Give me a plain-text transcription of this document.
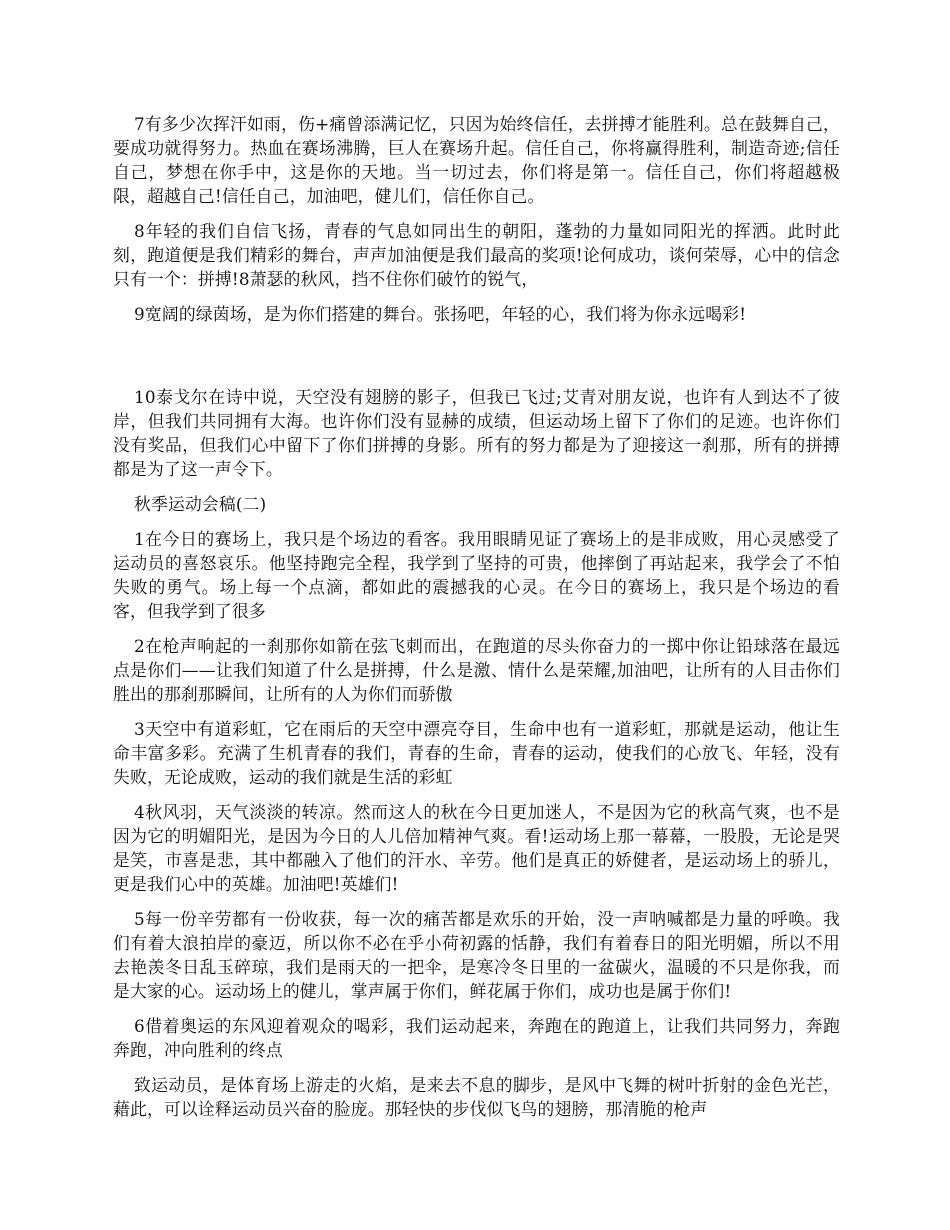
7有多少次挥汗如雨，伤+痛曾添满记忆，只因为始终信任，去拼搏才能胜利。总在鼓舞自己，要成功就得努力。热血在赛场沸腾，巨人在赛场升起。信任自己，你将赢得胜利，制造奇迹;信任自己，梦想在你手中，这是你的天地。当一切过去，你们将是第一。信任自己，你们将超越极限，超越自己!信任自己，加油吧，健儿们，信任你自己。

8年轻的我们自信飞扬，青春的气息如同出生的朝阳，蓬勃的力量如同阳光的挥洒。此时此刻，跑道便是我们精彩的舞台，声声加油便是我们最高的奖项!论何成功，谈何荣辱，心中的信念只有一个：拼搏!8萧瑟的秋风，挡不住你们破竹的锐气，

9宽阔的绿茵场，是为你们搭建的舞台。张扬吧，年轻的心，我们将为你永远喝彩!

10泰戈尔在诗中说，天空没有翅膀的影子，但我已飞过;艾青对朋友说，也许有人到达不了彼岸，但我们共同拥有大海。也许你们没有显赫的成绩，但运动场上留下了你们的足迹。也许你们没有奖品，但我们心中留下了你们拼搏的身影。所有的努力都是为了迎接这一刹那，所有的拼搏都是为了这一声令下。

秋季运动会稿(二)

1在今日的赛场上，我只是个场边的看客。我用眼睛见证了赛场上的是非成败，用心灵感受了运动员的喜怒哀乐。他坚持跑完全程，我学到了坚持的可贵，他摔倒了再站起来，我学会了不怕失败的勇气。场上每一个点滴，都如此的震撼我的心灵。在今日的赛场上，我只是个场边的看客，但我学到了很多

2在枪声响起的一刹那你如箭在弦飞刺而出，在跑道的尽头你奋力的一掷中你让铅球落在最远点是你们——让我们知道了什么是拼搏，什么是激、情什么是荣耀,加油吧，让所有的人目击你们胜出的那刹那瞬间，让所有的人为你们而骄傲

3天空中有道彩虹，它在雨后的天空中漂亮夺目，生命中也有一道彩虹，那就是运动，他让生命丰富多彩。充满了生机青春的我们，青春的生命，青春的运动，使我们的心放飞、年轻，没有失败，无论成败，运动的我们就是生活的彩虹

4秋风羽，天气淡淡的转凉。然而这人的秋在今日更加迷人，不是因为它的秋高气爽，也不是因为它的明媚阳光，是因为今日的人儿倍加精神气爽。看!运动场上那一幕幕，一股股，无论是哭是笑，市喜是悲，其中都融入了他们的汗水、辛劳。他们是真正的娇健者，是运动场上的骄儿，更是我们心中的英雄。加油吧!英雄们!

5每一份辛劳都有一份收获，每一次的痛苦都是欢乐的开始，没一声呐喊都是力量的呼唤。我们有着大浪拍岸的豪迈，所以你不必在乎小荷初露的恬静，我们有着春日的阳光明媚，所以不用去艳羡冬日乱玉碎琼，我们是雨天的一把伞，是寒冷冬日里的一盆碳火，温暖的不只是你我，而是大家的心。运动场上的健儿，掌声属于你们，鲜花属于你们，成功也是属于你们!

6借着奥运的东风迎着观众的喝彩，我们运动起来，奔跑在的跑道上，让我们共同努力，奔跑奔跑，冲向胜利的终点

致运动员，是体育场上游走的火焰，是来去不息的脚步，是风中飞舞的树叶折射的金色光芒，藉此，可以诠释运动员兴奋的脸庞。那轻快的步伐似飞鸟的翅膀，那清脆的枪声
